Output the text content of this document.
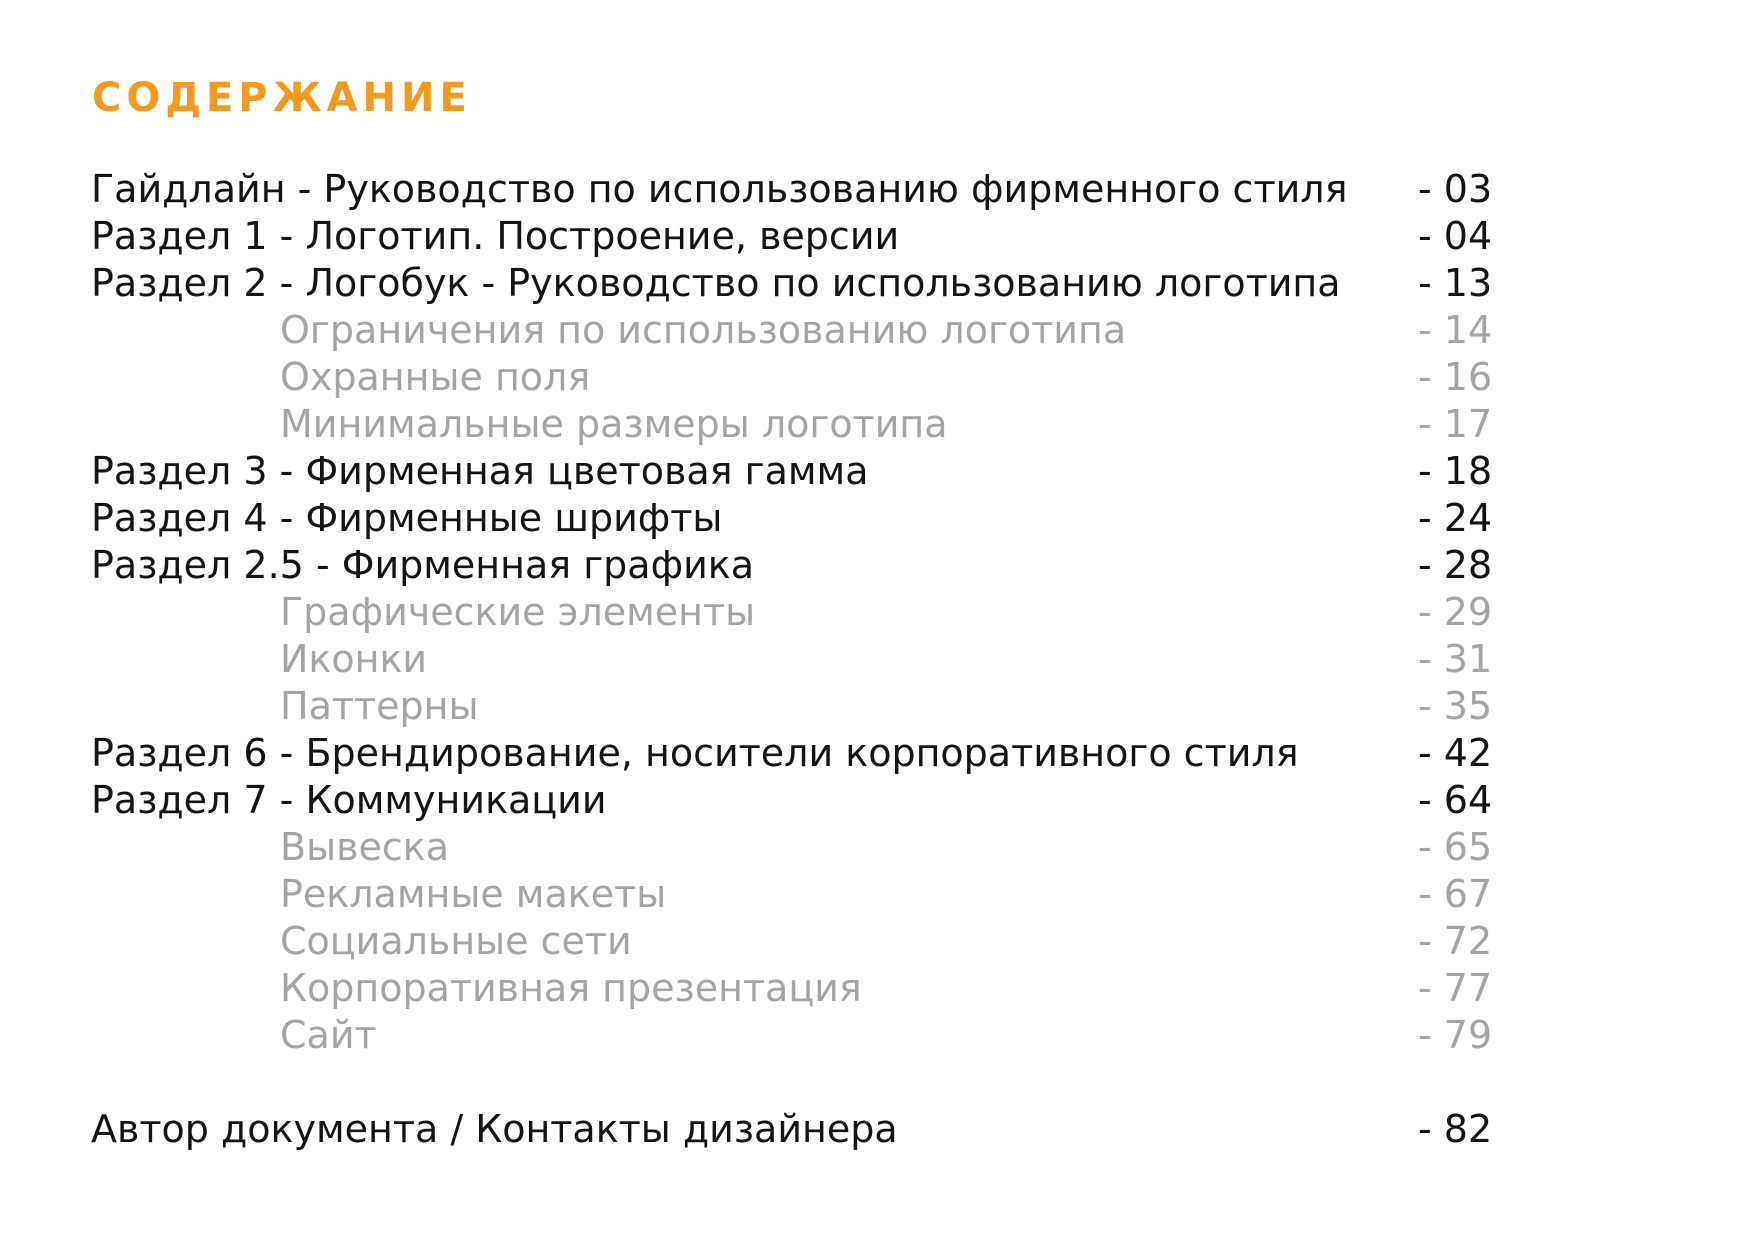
СОДЕРЖАНИЕ
Гайдлайн - Руководство по использованию фирменного стиля - 03
Раздел 1 - Логотип. Построение, версии	- 04
Раздел 2 - Логобук - Руководство по использованию логотипа - 13
Ограничения по использованию логотипа	- 14
Охранные поля	- 16
Минимальные размеры логотипа	- 17
Раздел 3 - Фирменная цветовая гамма	- 18
Раздел 4 - Фирменные шрифты	- 24
Раздел 2.5 - Фирменная графика	- 28
Графические элементы	- 29
Иконки	- 31
Паттерны	- 35
Раздел 6 - Брендирование, носители корпоративного стиля	- 42
Раздел 7 - Коммуникации	- 64
Вывеска	- 65
Рекламные макеты	- 67
Социальные сети	- 72
Корпоративная презентация	- 77
Сайт	- 79
Автор документа / Контакты дизайнера	- 82
